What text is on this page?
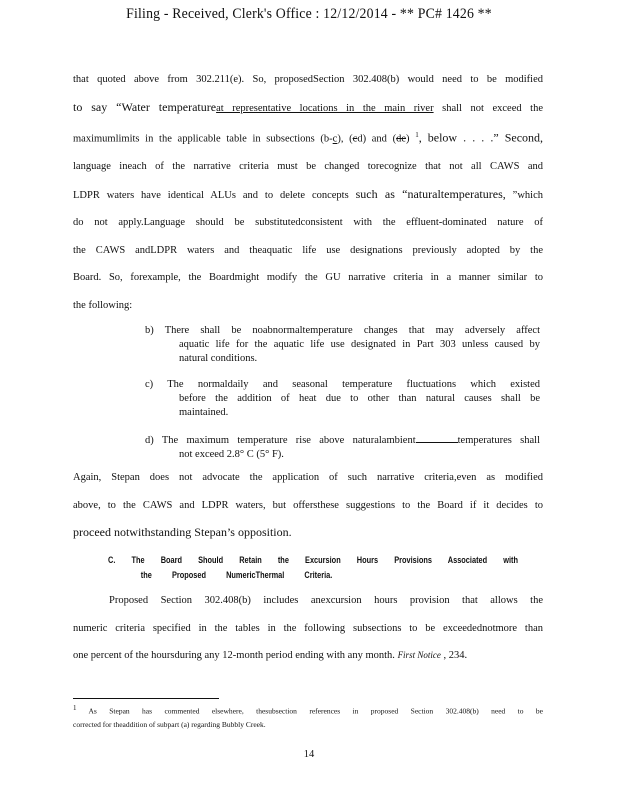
Filing - Received, Clerk's Office : 12/12/2014 - ** PC# 1426 **
that quoted above from 302.211(e). So, proposedSection 302.408(b) would need to be modified
to say “Water temperatureat representative locations in the main river shall not exceed the
maximumlimits in the applicable table in subsections (b-c), (cd) and (de) $^1$, below . . . .” Second,
language ineach of the narrative criteria must be changed torecognize that not all CAWS and
LDPR waters have identical ALUs and to delete concepts such as “naturaltemperatures, ”which
do not apply.Language should be substitutedconsistent with the effluent-dominated nature of
the CAWS andLDPR waters and theaquatic life use designations previously adopted by the
Board. So, forexample, the Boardmight modify the GU narrative criteria in a manner similar to
the following:
b) There shall be noabnormaltemperature changes that may adversely affect
aquatic life for the aquatic life use designated in Part 303 unless caused by
natural conditions.
c) The normaldaily and seasonal temperature fluctuations which existed
before the addition of heat due to other than natural causes shall be
maintained.
d) The maximum temperature rise above naturalambient	temperatures shall
not exceed 2.8° C (5° F).
Again, Stepan does not advocate the application of such narrative criteria,even as modified
above, to the CAWS and LDPR waters, but offersthese suggestions to the Board if it decides to
proceed notwithstanding Stepan’s opposition.
C. The Board Should Retain the Excursion Hours Provisions Associated with
the Proposed NumericThermal Criteria.
Proposed Section 302.408(b) includes anexcursion hours provision that allows the
numeric criteria specified in the tables in the following subsections to be exceedednotmore than
one percent of the hoursduring any 12-month period ending with any month. First Notice , 234.
$^1$ As Stepan has commented elsewhere, thesubsection references in proposed Section 302.408(b) need to be
corrected for theaddition of subpart (a) regarding Bubbly Creek.
14
